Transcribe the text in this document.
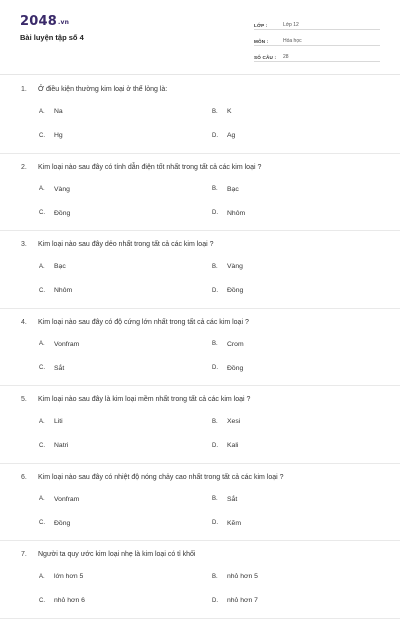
2048.vn
Bài luyện tập số 4
LỚP :	Lớp 12
MÔN :	Hóa học
SỐ CÂU :	28
1.	Ở điều kiện thường kim loại ở thể lỏng là:
A.	Na	B.	K
C.	Hg	D.	Ag
2.	Kim loại nào sau đây có tính dẫn điện tốt nhất trong tất cả các kim loại ?
A.	Vàng	B.	Bạc
C.	Đồng	D.	Nhôm
3.	Kim loại nào sau đây dẻo nhất trong tất cả các kim loại ?
A.	Bạc	B.	Vàng
C.	Nhôm	D.	Đồng
4.	Kim loại nào sau đây có độ cứng lớn nhất trong tất cả các kim loại ?
A.	Vonfram	B.	Crom
C.	Sắt	D.	Đồng
5.	Kim loại nào sau đây là kim loại mềm nhất trong tất cả các kim loại ?
A.	Liti	B.	Xesi
C.	Natri	D.	Kali
6.	Kim loại nào sau đây có nhiệt độ nóng chảy cao nhất trong tất cả các kim loại ?
A.	Vonfram	B.	Sắt
C.	Đồng	D.	Kẽm
7.	Người ta quy ước kim loại nhẹ là kim loại có tỉ khối
A.	lớn hơn 5	B.	nhỏ hơn 5
C.	nhỏ hơn 6	D.	nhỏ hơn 7
